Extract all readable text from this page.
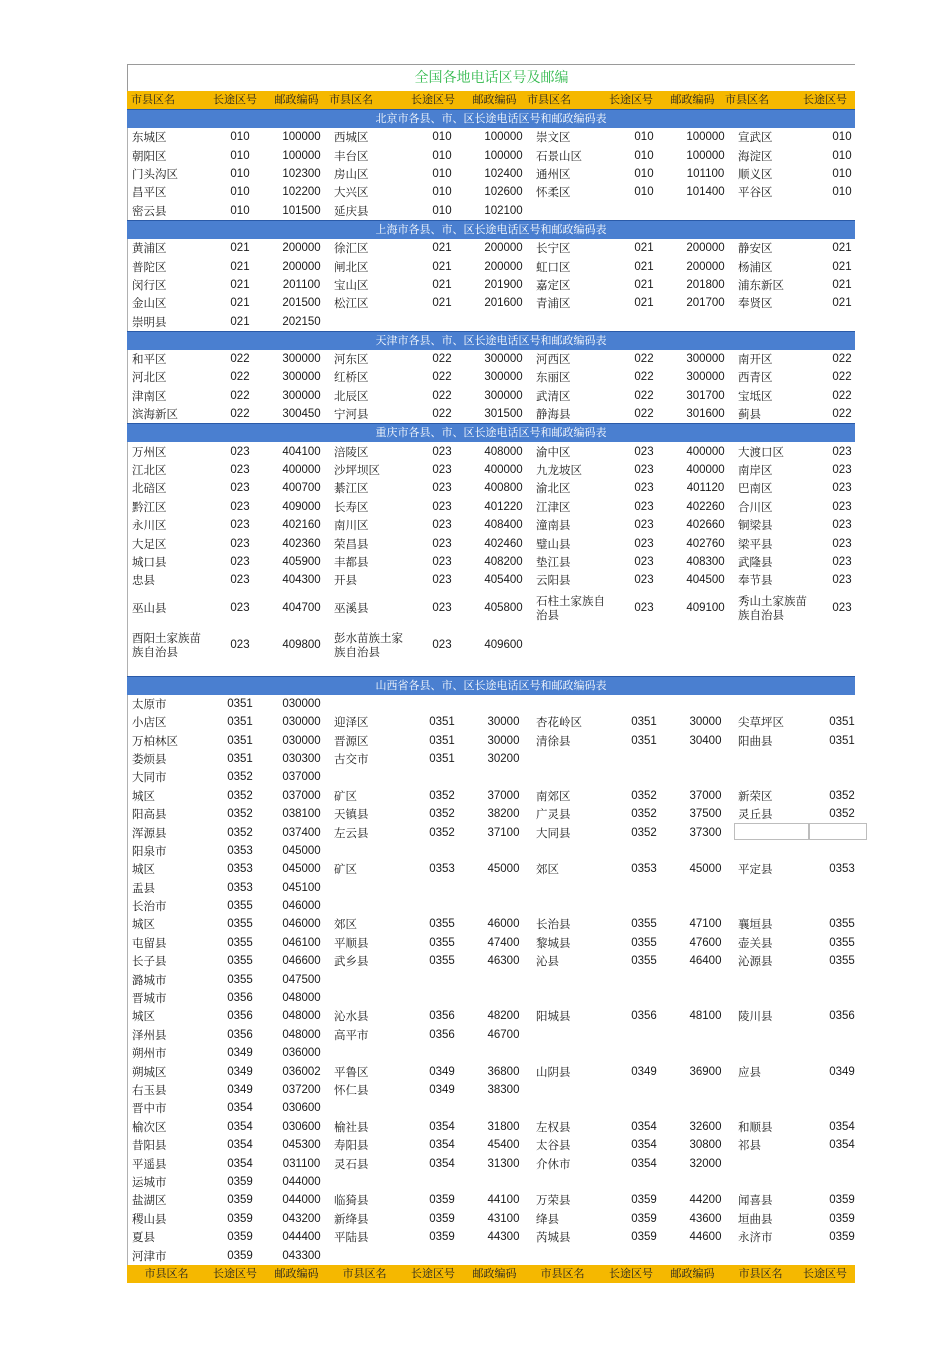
全国各地电话区号及邮编
市县区名	长途区号	邮政编码 市县区名	长途区号	邮政编码 市县区名	长途区号	邮政编码 市县区名	长途区号
北京市各县、市、区长途电话区号和邮政编码表
东城区	010	100000	西城区	010	100000	崇文区	010	100000	宣武区	010
朝阳区	010	100000	丰台区	010	100000	石景山区	010	100000	海淀区	010
门头沟区	010	102300	房山区	010	102400	通州区	010	101100	顺义区	010
昌平区	010	102200	大兴区	010	102600	怀柔区	010	101400	平谷区	010
密云县	010	101500	延庆县	010	102100
上海市各县、市、区长途电话区号和邮政编码表
黄浦区	021	200000	徐汇区	021	200000	长宁区	021	200000	静安区	021
普陀区	021	200000	闸北区	021	200000	虹口区	021	200000	杨浦区	021
闵行区	021	201100	宝山区	021	201900	嘉定区	021	201800	浦东新区	021
金山区	021	201500	松江区	021	201600	青浦区	021	201700	奉贤区	021
崇明县	021	202150
天津市各县、市、区长途电话区号和邮政编码表
和平区	022	300000	河东区	022	300000	河西区	022	300000	南开区	022
河北区	022	300000	红桥区	022	300000	东丽区	022	300000	西青区	022
津南区	022	300000	北辰区	022	300000	武清区	022	301700	宝坻区	022
滨海新区	022	300450	宁河县	022	301500	静海县	022	301600	蓟县	022
重庆市各县、市、区长途电话区号和邮政编码表
万州区	023	404100	涪陵区	023	408000	渝中区	023	400000	大渡口区	023
江北区	023	400000	沙坪坝区	023	400000	九龙坡区	023	400000	南岸区	023
北碚区	023	400700	綦江区	023	400800	渝北区	023	401120	巴南区	023
黔江区	023	409000	长寿区	023	401220	江津区	023	402260	合川区	023
永川区	023	402160	南川区	023	408400	潼南县	023	402660	铜梁县	023
大足区	023	402360	荣昌县	023	402460	璧山县	023	402760	梁平县	023
城口县	023	405900	丰都县	023	408200	垫江县	023	408300	武隆县	023
忠县	023	404300	开县	023	405400	云阳县	023	404500	奉节县	023
巫山县	023	404700	巫溪县	023	405800	石柱土家族自治县	023	409100	秀山土家族苗族自治县	023
酉阳土家族苗族自治县	023	409800	彭水苗族土家族自治县	023	409600
山西省各县、市、区长途电话区号和邮政编码表
太原市	0351	030000
小店区	0351	030000	迎泽区	0351	30000	杏花岭区	0351	30000	尖草坪区	0351
万柏林区	0351	030000	晋源区	0351	30000	清徐县	0351	30400	阳曲县	0351
娄烦县	0351	030300	古交市	0351	30200
大同市	0352	037000
城区	0352	037000	矿区	0352	37000	南郊区	0352	37000	新荣区	0352
阳高县	0352	038100	天镇县	0352	38200	广灵县	0352	37500	灵丘县	0352
浑源县	0352	037400	左云县	0352	37100	大同县	0352	37300
阳泉市	0353	045000
城区	0353	045000	矿区	0353	45000	郊区	0353	45000	平定县	0353
盂县	0353	045100
长治市	0355	046000
城区	0355	046000	郊区	0355	46000	长治县	0355	47100	襄垣县	0355
屯留县	0355	046100	平顺县	0355	47400	黎城县	0355	47600	壶关县	0355
长子县	0355	046600	武乡县	0355	46300	沁县	0355	46400	沁源县	0355
潞城市	0355	047500
晋城市	0356	048000
城区	0356	048000	沁水县	0356	48200	阳城县	0356	48100	陵川县	0356
泽州县	0356	048000	高平市	0356	46700
朔州市	0349	036000
朔城区	0349	036002	平鲁区	0349	36800	山阴县	0349	36900	应县	0349
右玉县	0349	037200	怀仁县	0349	38300
晋中市	0354	030600
榆次区	0354	030600	榆社县	0354	31800	左权县	0354	32600	和顺县	0354
昔阳县	0354	045300	寿阳县	0354	45400	太谷县	0354	30800	祁县	0354
平遥县	0354	031100	灵石县	0354	31300	介休市	0354	32000
运城市	0359	044000
盐湖区	0359	044000	临猗县	0359	44100	万荣县	0359	44200	闻喜县	0359
稷山县	0359	043200	新绛县	0359	43100	绛县	0359	43600	垣曲县	0359
夏县	0359	044400	平陆县	0359	44300	芮城县	0359	44600	永济市	0359
河津市	0359	043300
市县区名	长途区号	邮政编码	市县区名	长途区号	邮政编码	市县区名	长途区号	邮政编码	市县区名	长途区号
